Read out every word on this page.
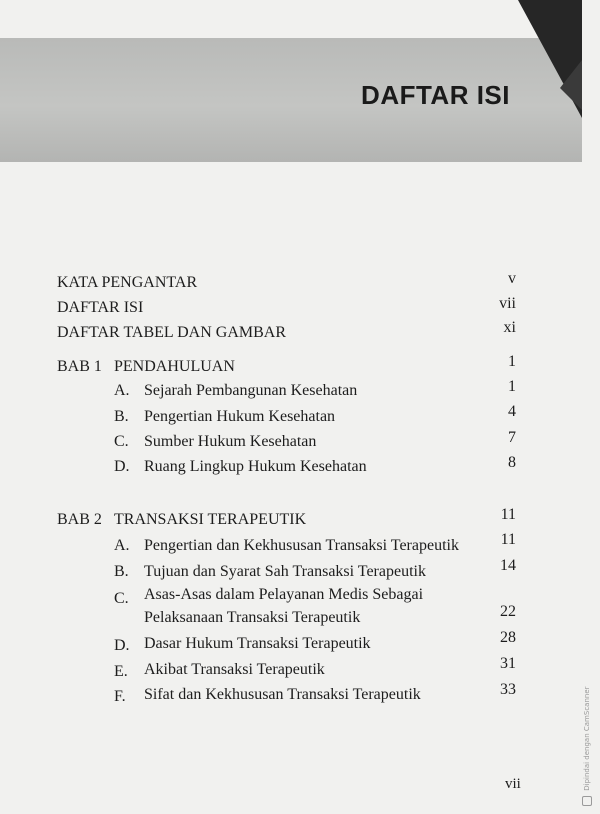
DAFTAR ISI
KATA PENGANTAR	v
DAFTAR ISI	vii
DAFTAR TABEL DAN GAMBAR	xi
BAB 1 PENDAHULUAN	1
A. Sejarah Pembangunan Kesehatan	1
B. Pengertian Hukum Kesehatan	4
C. Sumber Hukum Kesehatan	7
D. Ruang Lingkup Hukum Kesehatan	8
BAB 2 TRANSAKSI TERAPEUTIK	11
A. Pengertian dan Kekhususan Transaksi Terapeutik	11
B. Tujuan dan Syarat Sah Transaksi Terapeutik	14
C. Asas-Asas dalam Pelayanan Medis Sebagai
Pelaksanaan Transaksi Terapeutik	22
D. Dasar Hukum Transaksi Terapeutik	28
E. Akibat Transaksi Terapeutik	31
F. Sifat dan Kekhususan Transaksi Terapeutik	33
vii	Dipindai dengan CamScanner
